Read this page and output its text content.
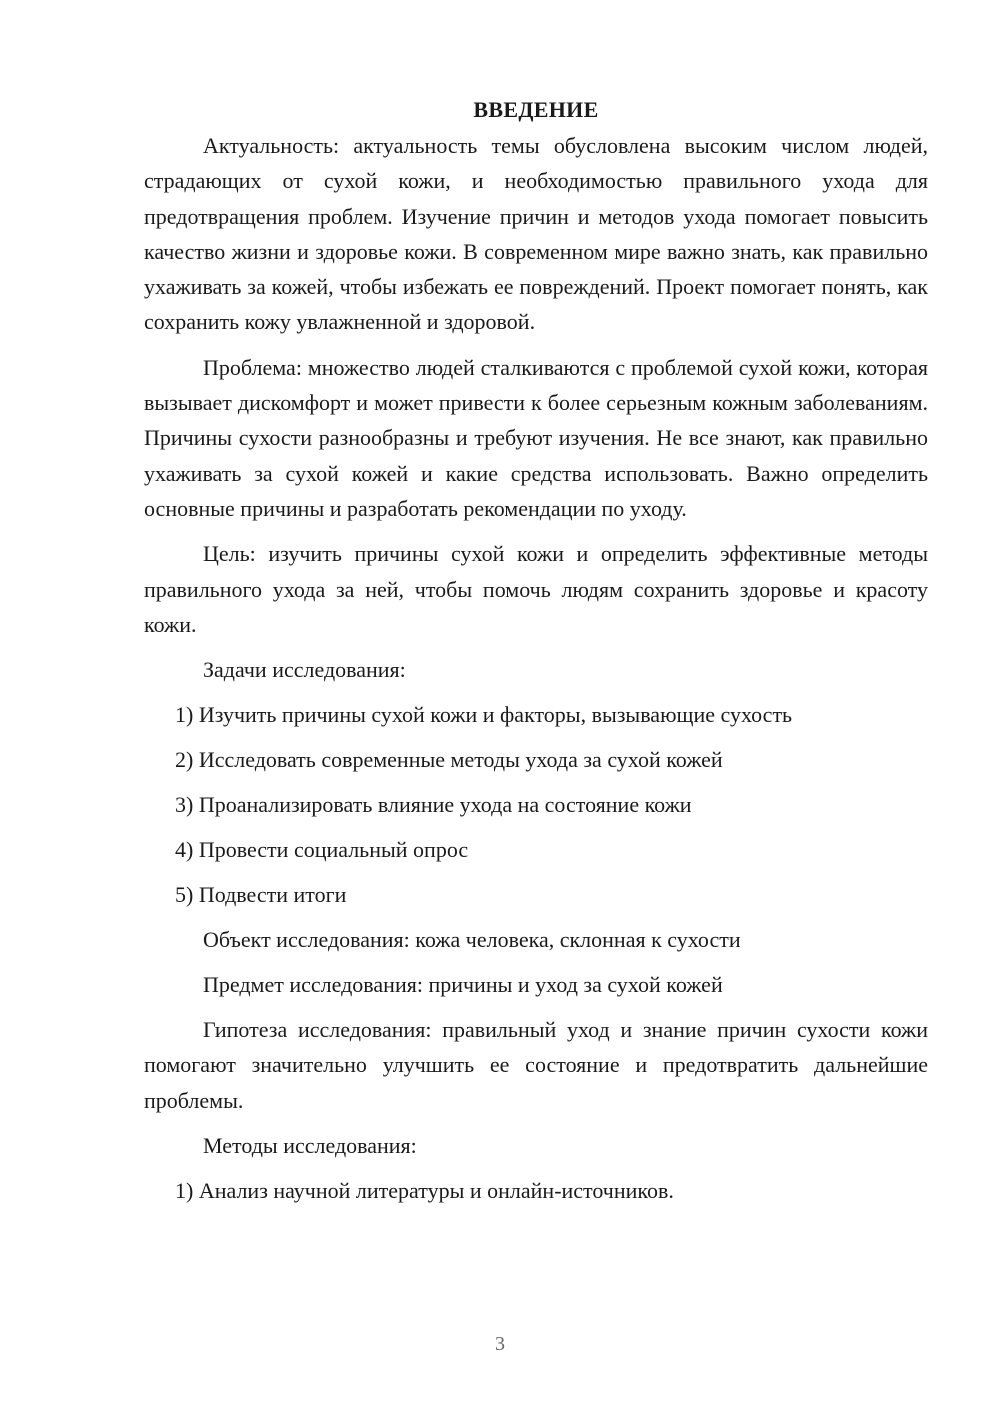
ВВЕДЕНИЕ

Актуальность: актуальность темы обусловлена высоким числом людей, страдающих от сухой кожи, и необходимостью правильного ухода для предотвращения проблем. Изучение причин и методов ухода помогает повысить качество жизни и здоровье кожи. В современном мире важно знать, как правильно ухаживать за кожей, чтобы избежать ее повреждений. Проект помогает понять, как сохранить кожу увлажненной и здоровой.

Проблема: множество людей сталкиваются с проблемой сухой кожи, которая вызывает дискомфорт и может привести к более серьезным кожным заболеваниям. Причины сухости разнообразны и требуют изучения. Не все знают, как правильно ухаживать за сухой кожей и какие средства использовать. Важно определить основные причины и разработать рекомендации по уходу.

Цель: изучить причины сухой кожи и определить эффективные методы правильного ухода за ней, чтобы помочь людям сохранить здоровье и красоту кожи.

Задачи исследования:
1) Изучить причины сухой кожи и факторы, вызывающие сухость
2) Исследовать современные методы ухода за сухой кожей
3) Проанализировать влияние ухода на состояние кожи
4) Провести социальный опрос
5) Подвести итоги
Объект исследования: кожа человека, склонная к сухости
Предмет исследования: причины и уход за сухой кожей

Гипотеза исследования: правильный уход и знание причин сухости кожи помогают значительно улучшить ее состояние и предотвратить дальнейшие проблемы.

Методы исследования:
1) Анализ научной литературы и онлайн-источников.
3
